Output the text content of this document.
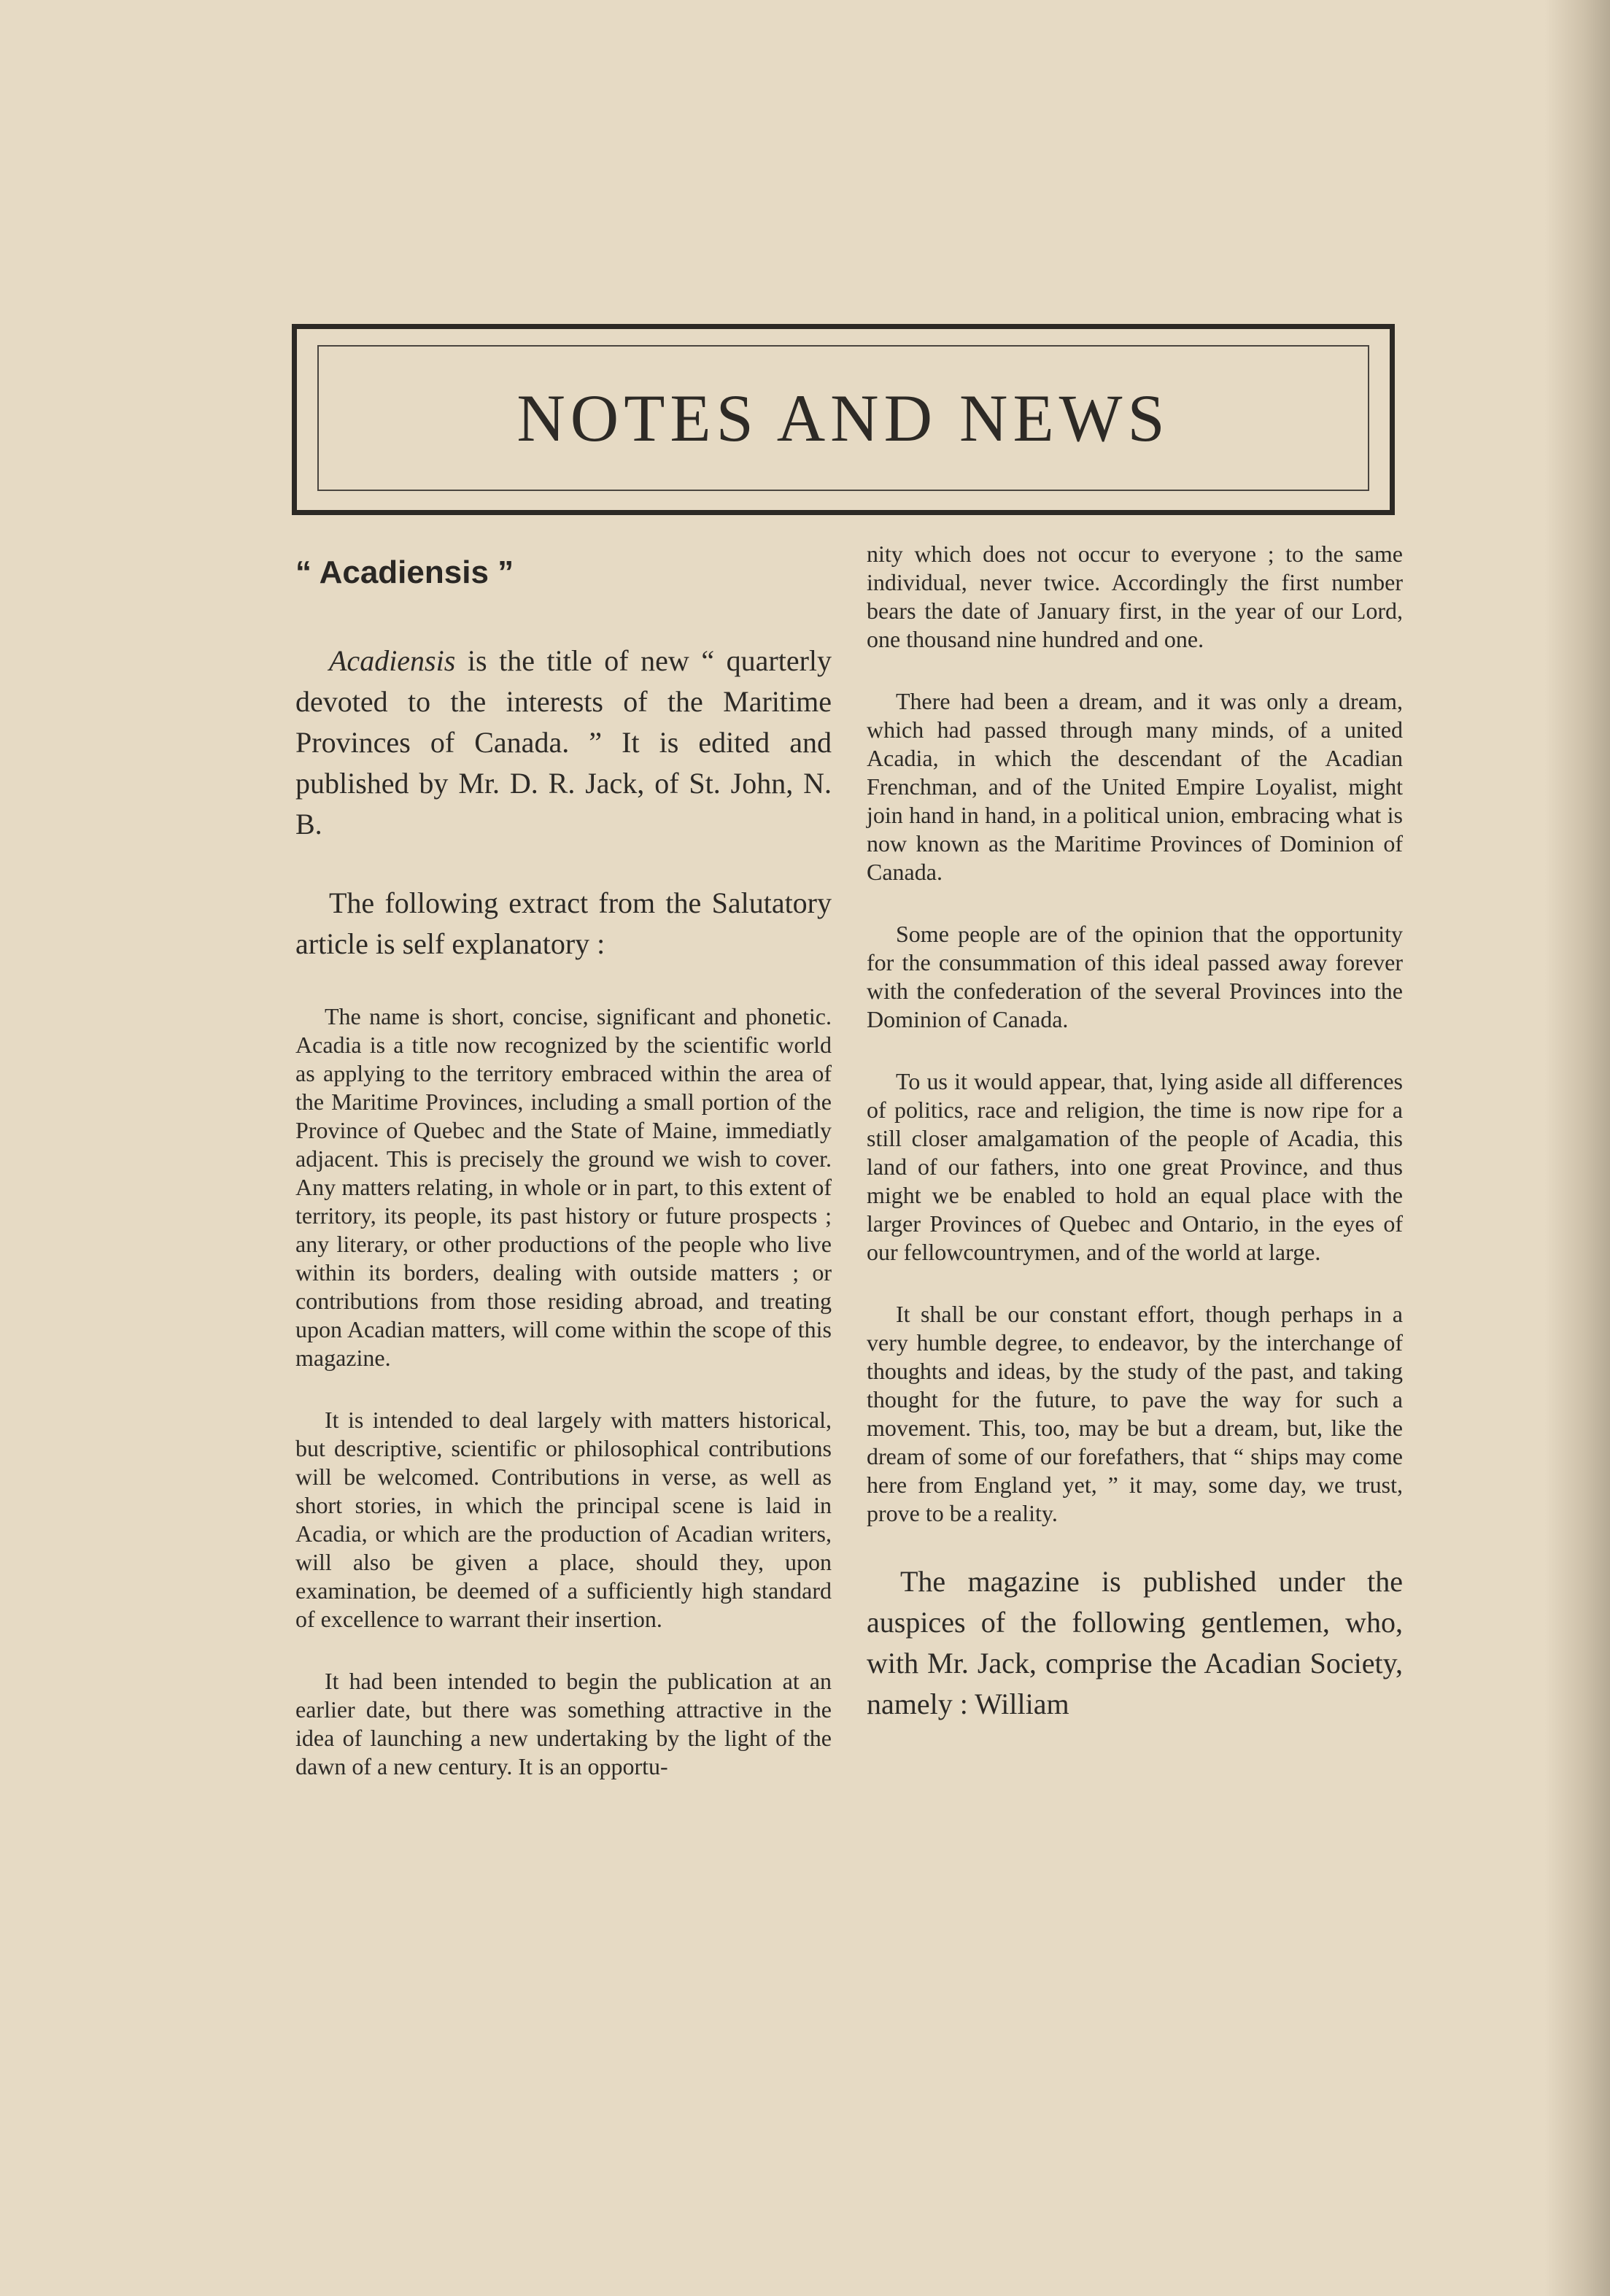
NOTES AND NEWS
“ Acadiensis ”

Acadiensis is the title of new “ quarterly devoted to the interests of the Maritime Provinces of Canada. ” It is edited and published by Mr. D. R. Jack, of St. John, N. B.

The following extract from the Salutatory article is self explanatory :

The name is short, concise, significant and phonetic. Acadia is a title now recognized by the scientific world as applying to the territory embraced within the area of the Maritime Provinces, including a small portion of the Province of Quebec and the State of Maine, immediatly adjacent. This is precisely the ground we wish to cover. Any matters relating, in whole or in part, to this extent of territory, its people, its past history or future prospects ; any literary, or other productions of the people who live within its borders, dealing with outside matters ; or contributions from those residing abroad, and treating upon Acadian matters, will come within the scope of this magazine.

It is intended to deal largely with matters historical, but descriptive, scientific or philosophical contributions will be welcomed. Contributions in verse, as well as short stories, in which the principal scene is laid in Acadia, or which are the production of Acadian writers, will also be given a place, should they, upon examination, be deemed of a sufficiently high standard of excellence to warrant their insertion.

It had been intended to begin the publication at an earlier date, but there was something attractive in the idea of launching a new undertaking by the light of the dawn of a new century. It is an opportu-

nity which does not occur to everyone ; to the same individual, never twice. Accordingly the first number bears the date of January first, in the year of our Lord, one thousand nine hundred and one.

There had been a dream, and it was only a dream, which had passed through many minds, of a united Acadia, in which the descendant of the Acadian Frenchman, and of the United Empire Loyalist, might join hand in hand, in a political union, embracing what is now known as the Maritime Provinces of Dominion of Canada.

Some people are of the opinion that the opportunity for the consummation of this ideal passed away forever with the confederation of the several Provinces into the Dominion of Canada.

To us it would appear, that, lying aside all differences of politics, race and religion, the time is now ripe for a still closer amalgamation of the people of Acadia, this land of our fathers, into one great Province, and thus might we be enabled to hold an equal place with the larger Provinces of Quebec and Ontario, in the eyes of our fellowcountrymen, and of the world at large.

It shall be our constant effort, though perhaps in a very humble degree, to endeavor, by the interchange of thoughts and ideas, by the study of the past, and taking thought for the future, to pave the way for such a movement. This, too, may be but a dream, but, like the dream of some of our forefathers, that “ ships may come here from England yet, ” it may, some day, we trust, prove to be a reality.

The magazine is published under the auspices of the following gentlemen, who, with Mr. Jack, comprise the Acadian Society, namely : William
